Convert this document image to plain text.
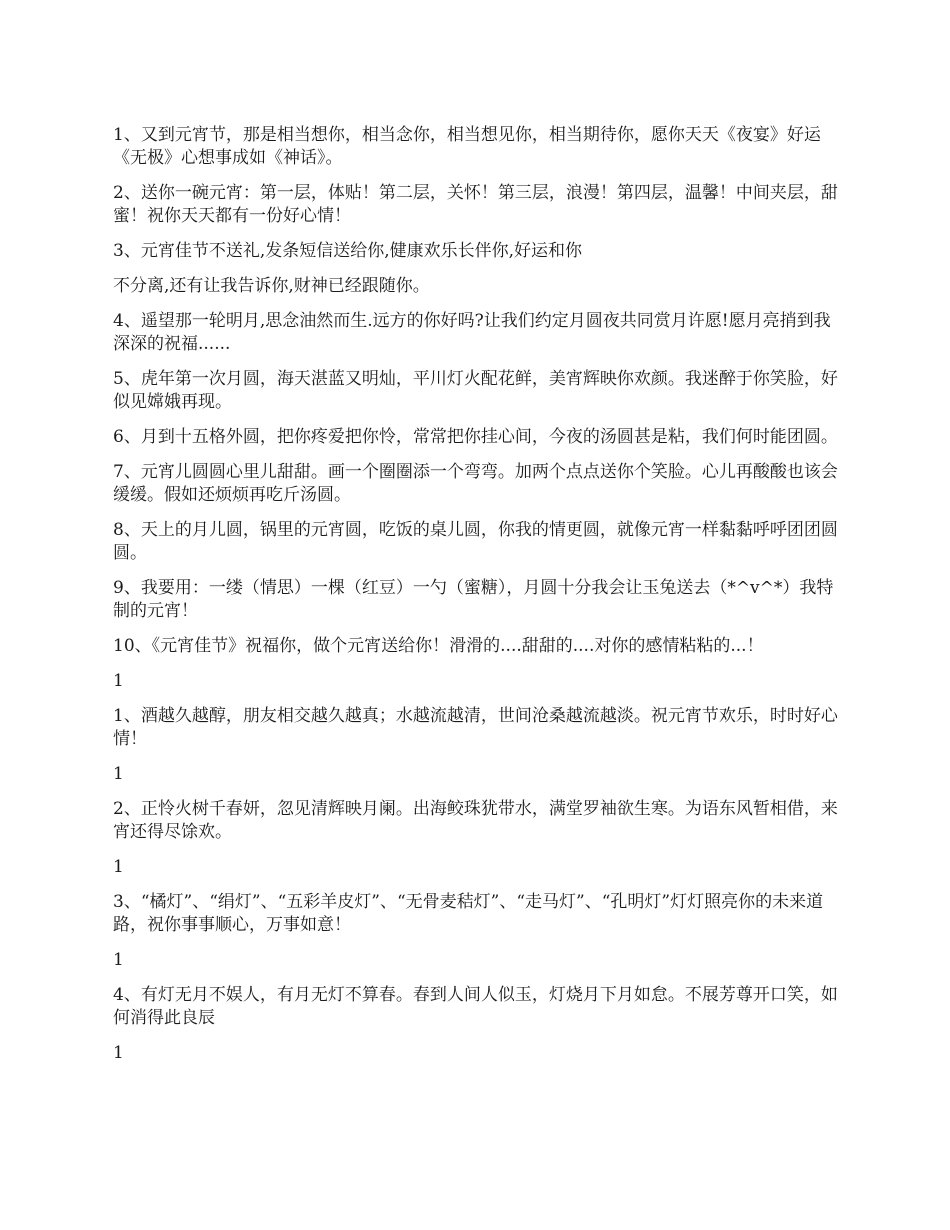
1、又到元宵节，那是相当想你，相当念你，相当想见你，相当期待你，愿你天天《夜宴》好运《无极》心想事成如《神话》。

2、送你一碗元宵：第一层，体贴！第二层，关怀！第三层，浪漫！第四层，温馨！中间夹层，甜蜜！祝你天天都有一份好心情！

3、元宵佳节不送礼,发条短信送给你,健康欢乐长伴你,好运和你

不分离,还有让我告诉你,财神已经跟随你。

4、遥望那一轮明月,思念油然而生.远方的你好吗?让我们约定月圆夜共同赏月许愿!愿月亮捎到我深深的祝福......

5、虎年第一次月圆，海天湛蓝又明灿，平川灯火配花鲜，美宵辉映你欢颜。我迷醉于你笑脸，好似见嫦娥再现。

6、月到十五格外圆，把你疼爱把你怜，常常把你挂心间，今夜的汤圆甚是粘，我们何时能团圆。

7、元宵儿圆圆心里儿甜甜。画一个圈圈添一个弯弯。加两个点点送你个笑脸。心儿再酸酸也该会缓缓。假如还烦烦再吃斤汤圆。

8、天上的月儿圆，锅里的元宵圆，吃饭的桌儿圆，你我的情更圆，就像元宵一样黏黏呼呼团团圆圆。

9、我要用：一缕（情思）一棵（红豆）一勺（蜜糖），月圆十分我会让玉兔送去（*^v^*）我特制的元宵！

10、《元宵佳节》祝福你，做个元宵送给你！滑滑的....甜甜的....对你的感情粘粘的...！

1

1、酒越久越醇，朋友相交越久越真；水越流越清，世间沧桑越流越淡。祝元宵节欢乐，时时好心情！

1

2、正怜火树千春妍，忽见清辉映月阑。出海鲛珠犹带水，满堂罗袖欲生寒。为语东风暂相借，来宵还得尽馀欢。

1

3、“橘灯”、“绢灯”、“五彩羊皮灯”、“无骨麦秸灯”、“走马灯”、“孔明灯”灯灯照亮你的未来道路，祝你事事顺心，万事如意！

1

4、有灯无月不娱人，有月无灯不算春。春到人间人似玉，灯烧月下月如怠。不展芳尊开口笑，如何消得此良辰

1
